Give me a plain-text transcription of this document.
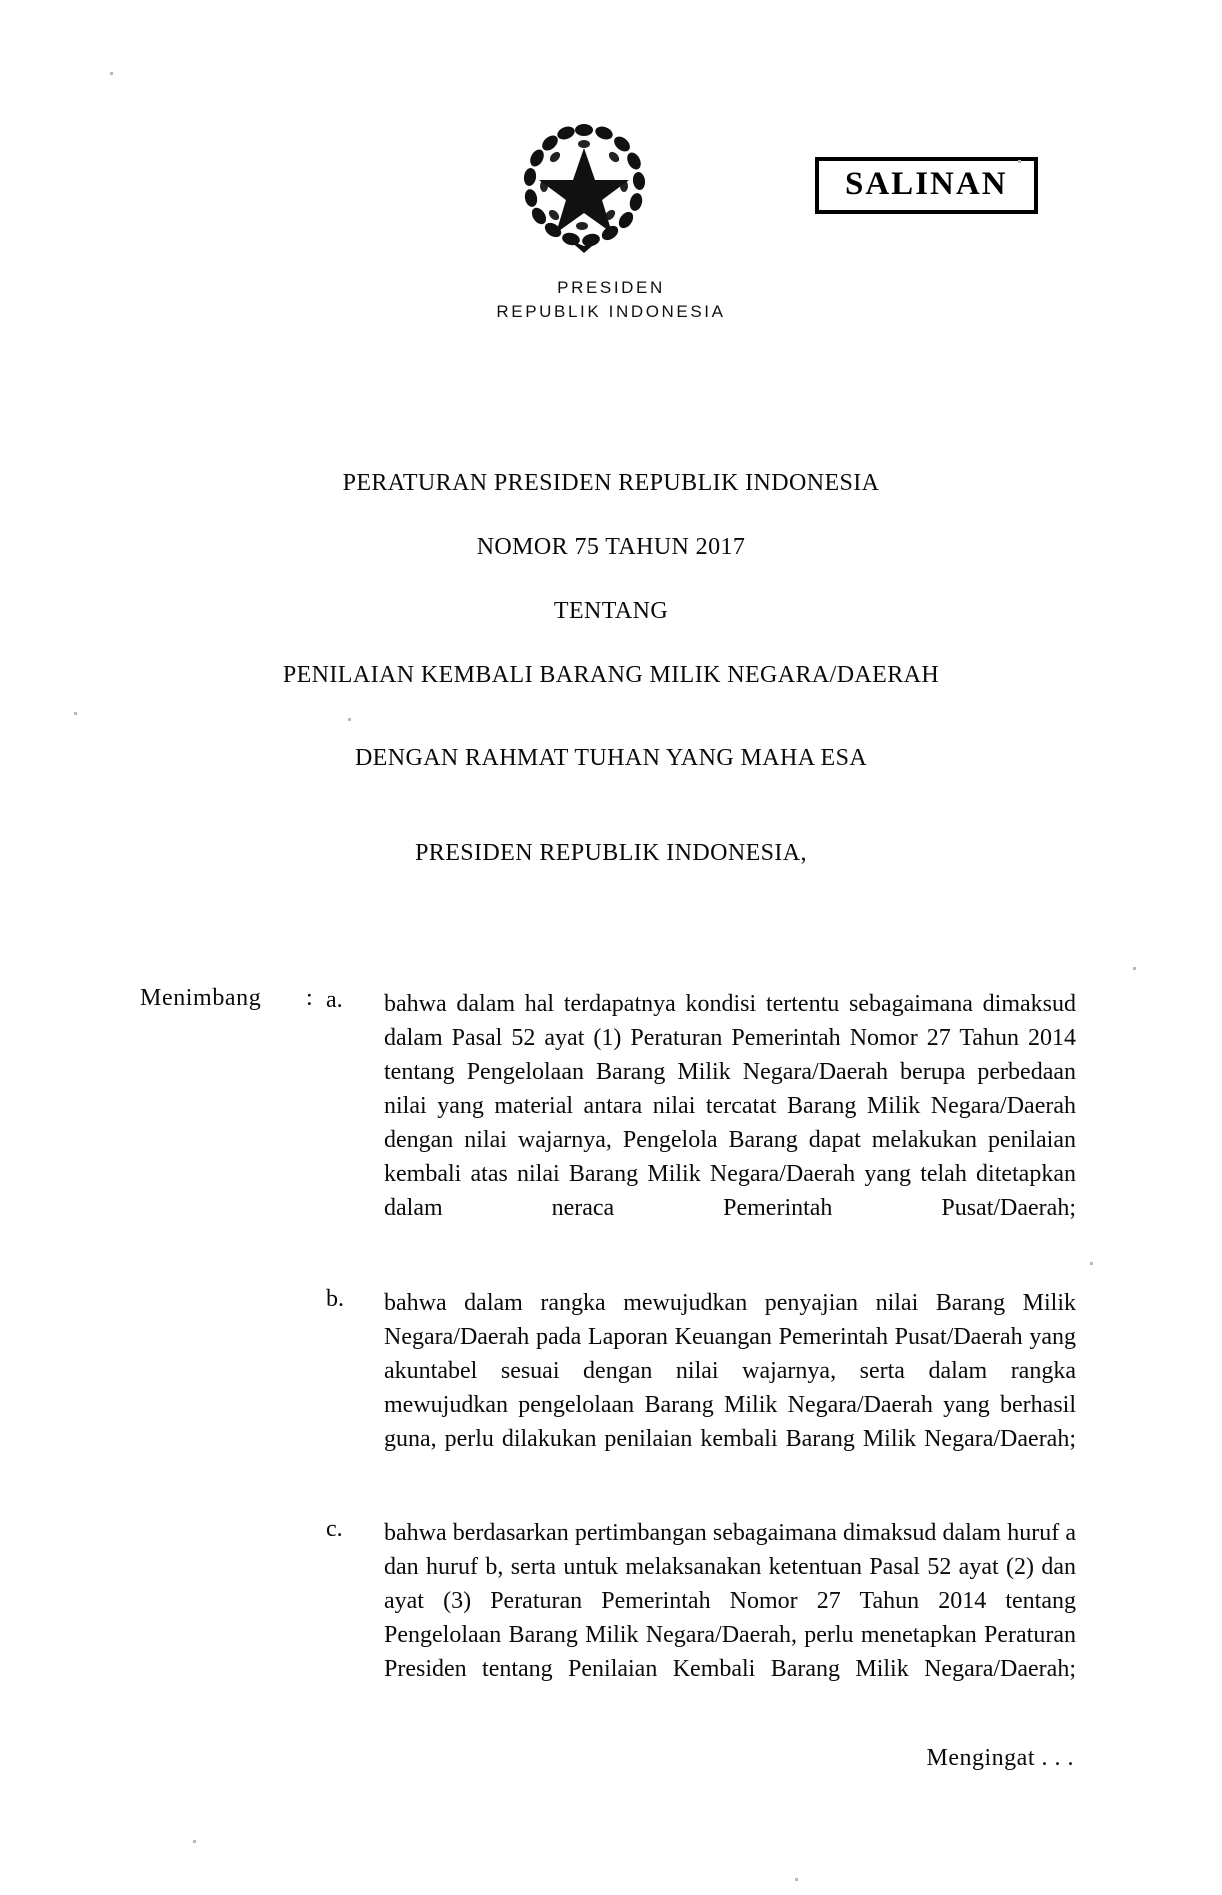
SALINAN
PRESIDEN
REPUBLIK INDONESIA
PERATURAN PRESIDEN REPUBLIK INDONESIA
NOMOR 75 TAHUN 2017
TENTANG
PENILAIAN KEMBALI BARANG MILIK NEGARA/DAERAH
DENGAN RAHMAT TUHAN YANG MAHA ESA
PRESIDEN REPUBLIK INDONESIA,
Menimbang : a. bahwa dalam hal terdapatnya kondisi tertentu sebagaimana dimaksud dalam Pasal 52 ayat (1) Peraturan Pemerintah Nomor 27 Tahun 2014 tentang Pengelolaan Barang Milik Negara/Daerah berupa perbedaan nilai yang material antara nilai tercatat Barang Milik Negara/Daerah dengan nilai wajarnya, Pengelola Barang dapat melakukan penilaian kembali atas nilai Barang Milik Negara/Daerah yang telah ditetapkan dalam neraca Pemerintah Pusat/Daerah;
b. bahwa dalam rangka mewujudkan penyajian nilai Barang Milik Negara/Daerah pada Laporan Keuangan Pemerintah Pusat/Daerah yang akuntabel sesuai dengan nilai wajarnya, serta dalam rangka mewujudkan pengelolaan Barang Milik Negara/Daerah yang berhasil guna, perlu dilakukan penilaian kembali Barang Milik Negara/Daerah;
c. bahwa berdasarkan pertimbangan sebagaimana dimaksud dalam huruf a dan huruf b, serta untuk melaksanakan ketentuan Pasal 52 ayat (2) dan ayat (3) Peraturan Pemerintah Nomor 27 Tahun 2014 tentang Pengelolaan Barang Milik Negara/Daerah, perlu menetapkan Peraturan Presiden tentang Penilaian Kembali Barang Milik Negara/Daerah;
Mengingat . . .
